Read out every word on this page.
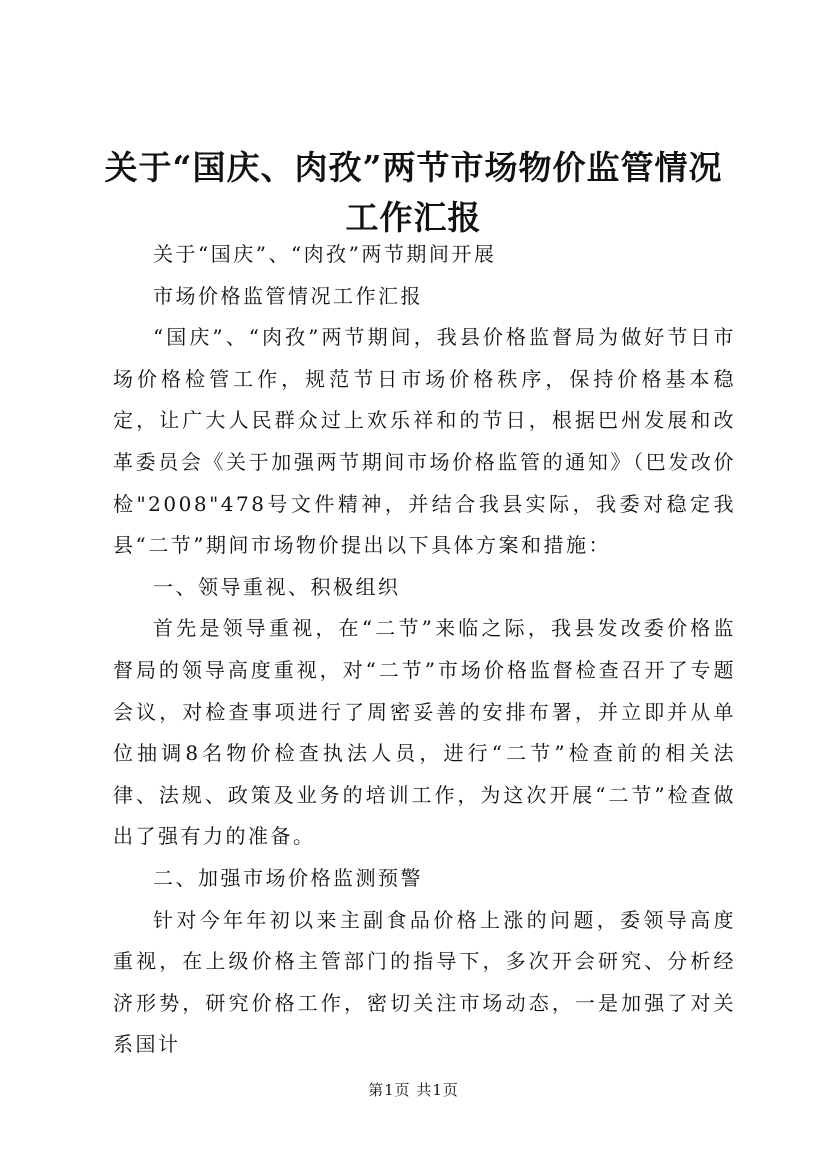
关于“国庆、肉孜”两节市场物价监管情况工作汇报

关于“国庆”、“肉孜”两节期间开展

市场价格监管情况工作汇报

“国庆”、“肉孜”两节期间，我县价格监督局为做好节日市场价格检管工作，规范节日市场价格秩序，保持价格基本稳定，让广大人民群众过上欢乐祥和的节日，根据巴州发展和改革委员会《关于加强两节期间市场价格监管的通知》（巴发改价检"2008"478号文件精神，并结合我县实际，我委对稳定我县“二节”期间市场物价提出以下具体方案和措施：

一、领导重视、积极组织

首先是领导重视，在“二节”来临之际，我县发改委价格监督局的领导高度重视，对“二节”市场价格监督检查召开了专题会议，对检查事项进行了周密妥善的安排布署，并立即并从单位抽调8名物价检查执法人员，进行“二节”检查前的相关法律、法规、政策及业务的培训工作，为这次开展“二节”检查做出了强有力的准备。

二、加强市场价格监测预警

针对今年年初以来主副食品价格上涨的问题，委领导高度重视，在上级价格主管部门的指导下，多次开会研究、分析经济形势，研究价格工作，密切关注市场动态，一是加强了对关系国计

第1页 共1页
